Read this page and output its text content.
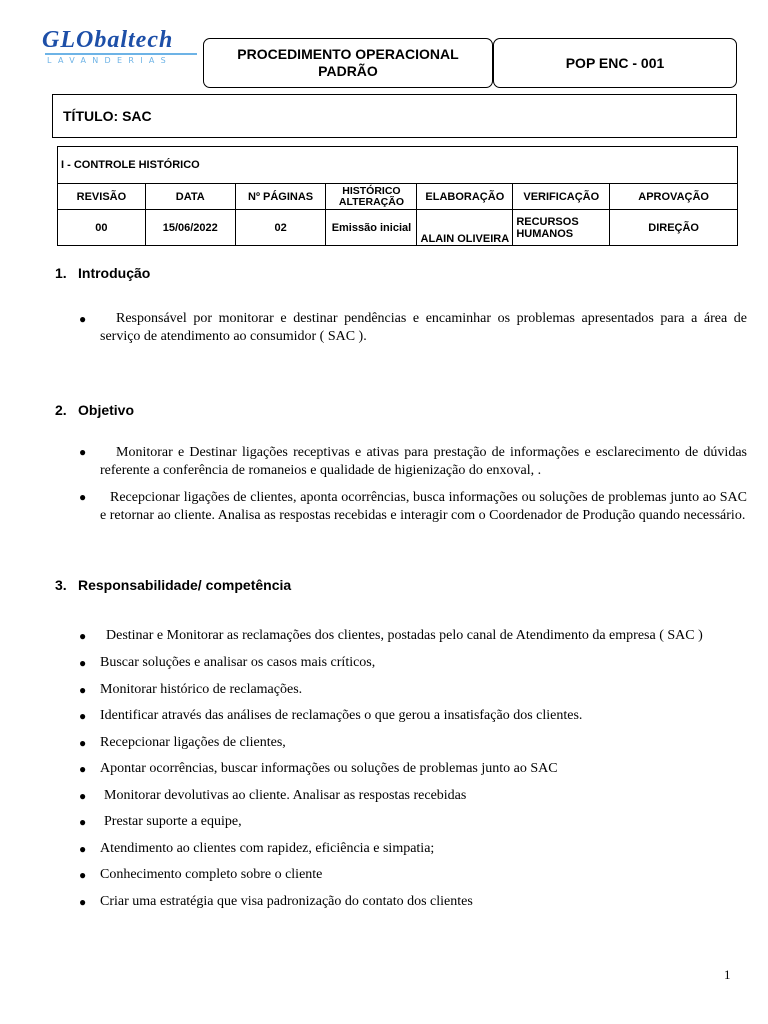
GLObaltech
LAVANDERIAS	PROCEDIMENTO OPERACIONAL PADRÃO	POP ENC - 001
TÍTULO: SAC
I - CONTROLE HISTÓRICO						
REVISÃO	DATA	Nº PÁGINAS	HISTÓRICO ALTERAÇÃO	ELABORAÇÃO	VERIFICAÇÃO	APROVAÇÃO
00	15/06/2022	02	Emissão inicial	ALAIN OLIVEIRA	RECURSOS HUMANOS	DIREÇÃO
1. Introdução
●	Responsável por monitorar e destinar pendências e encaminhar os problemas apresentados para a área de serviço de atendimento ao consumidor ( SAC ).
2. Objetivo
●	Monitorar e Destinar ligações receptivas e ativas para prestação de informações e esclarecimento de dúvidas referente a conferência de romaneios e qualidade de higienização do enxoval, .
●	Recepcionar ligações de clientes, aponta ocorrências, busca informações ou soluções de problemas junto ao SAC e retornar ao cliente. Analisa as respostas recebidas e interagir com o Coordenador de Produção quando necessário.
3. Responsabilidade/ competência
●	Destinar e Monitorar as reclamações dos clientes, postadas pelo canal de Atendimento da empresa ( SAC )
● Buscar soluções e analisar os casos mais críticos,
● Monitorar histórico de reclamações.
● Identificar através das análises de reclamações o que gerou a insatisfação dos clientes.
● Recepcionar ligações de clientes,
● Apontar ocorrências, buscar informações ou soluções de problemas junto ao SAC
● Monitorar devolutivas ao cliente. Analisar as respostas recebidas
● Prestar suporte a equipe,
● Atendimento ao clientes com rapidez, eficiência e simpatia;
● Conhecimento completo sobre o cliente
● Criar uma estratégia que visa padronização do contato dos clientes
1
